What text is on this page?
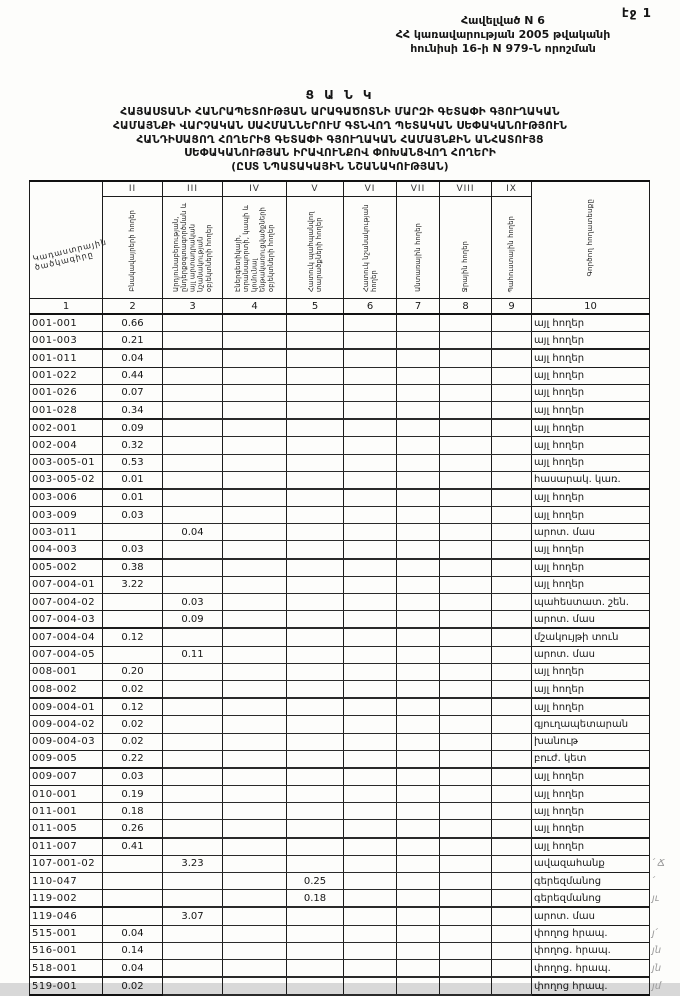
էջ 1
Հավելված N 6
ՀՀ կառավարության 2005 թվականի
հունիսի 16-ի N 979-Ն որոշման
Ց Ա Ն Կ
ՀԱՅԱՍՏԱՆԻ ՀԱՆՐԱՊԵՏՈՒԹՅԱՆ ԱՐԱԳԱԾՈՏՆԻ ՄԱՐԶԻ ԳԵՏԱՓԻ ԳՅՈՒՂԱԿԱՆ
ՀԱՄԱՅՆՔԻ ՎԱՐՉԱԿԱՆ ՍԱՀՄԱՆՆԵՐՈՒՄ ԳՏՆՎՈՂ ՊԵՏԱԿԱՆ ՍԵՓԱԿԱՆՈՒԹՅՈՒՆ
ՀԱՆԴԻՍԱՑՈՂ ՀՈՂԵՐԻՑ ԳԵՏԱՓԻ ԳՅՈՒՂԱԿԱՆ ՀԱՄԱՅՆՔԻՆ ԱՆՀԱՏՈՒՅՑ
ՍԵՓԱԿԱՆՈՒԹՅԱՆ ԻՐԱՎՈՒՆՔՈՎ ՓՈԽԱՆՑՎՈՂ ՀՈՂԵՐԻ
(ԸՍՏ ՆՊԱՏԱԿԱՅԻՆ ՆՇԱՆԱԿՈՒԹՅԱՆ)
Կադաստրային ծածկագիրը	II	III	IV	V	VI	VII	VIII	IX	Գործող հողատեսքը	
	Բնակավայրերի հողեր	Արդյունաբերության, ընդերքօգտագործման և այլ արտադրական նշանակության օբյեկտների հողեր	Էներգետիկայի, տրանսպորտի, կապի և կոմունալ ենթակառուցվածքների օբյեկտների հողեր	Հատուկ պահպանվող տարածքների հողեր	Հատուկ նշանակության հողեր	Անտառային հողեր	Ջրային հողեր	Պահուստային հողեր		
1	2	3	4	5	6	7	8	9	10	
001-001	0.66								այլ հողեր	
001-003	0.21								այլ հողեր	
001-011	0.04								այլ հողեր	
001-022	0.44								այլ հողեր	
001-026	0.07								այլ հողեր	
001-028	0.34								այլ հողեր	
002-001	0.09								այլ հողեր	
002-004	0.32								այլ հողեր	
003-005-01	0.53								այլ հողեր	
003-005-02	0.01								հասարակ. կառ.	
003-006	0.01								այլ հողեր	
003-009	0.03								այլ հողեր	
003-011		0.04							արոտ. մաս	
004-003	0.03								այլ հողեր	
005-002	0.38								այլ հողեր	
007-004-01	3.22								այլ հողեր	
007-004-02		0.03							պահեստատ. շեն.	
007-004-03		0.09							արոտ. մաս	
007-004-04	0.12								մշակույթի տուն	
007-004-05		0.11							արոտ. մաս	
008-001	0.20								այլ հողեր	
008-002	0.02								այլ հողեր	
009-004-01	0.12								այլ հողեր	
009-004-02	0.02								գյուղապետարան	
009-004-03	0.02								խանութ	
009-005	0.22								բուժ. կետ	
009-007	0.03								այլ հողեր	
010-001	0.19								այլ հողեր	
011-001	0.18								այլ հողեր	
011-005	0.26								այլ հողեր	
011-007	0.41								այլ հողեր	
107-001-02		3.23							ավազահանք	՛ Ճ
110-047				0.25					գերեզմանոց	՛
119-002				0.18					գերեզմանոց	յւ
119-046		3.07							արոտ. մաս	
515-001	0.04								փողոց հրապ.	յ՛
516-001	0.14								փողոց. հրապ.	յն
518-001	0.04								փողոց. հրապ.	յն
519-001	0.02								փողոց հրապ.	յմ
